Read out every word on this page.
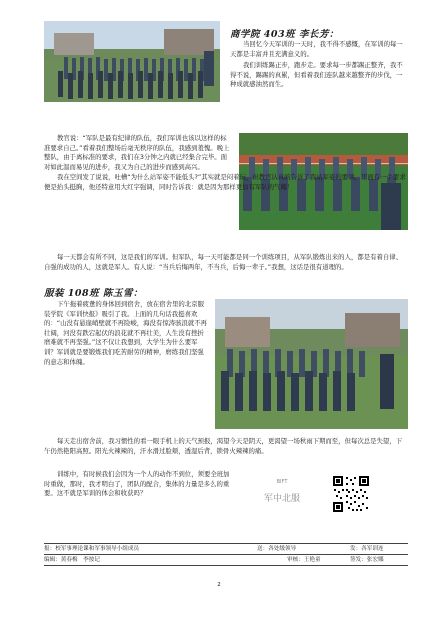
商学院 403班 李长芳：

当回忆今天军训的一天时，我不得不感慨，在军训的每一天都是丰富并且充满意义的。

我们训练踢正步，跑步走。要求每一步都踢正整齐，我不得不说，踢踢的真累，但看着我们连队越来越整齐的步伐，一种成就感油然而生。

教官说：“军队是最有纪律的队伍，我们军训也该以这样的标准要求自己。”看着我们整场后毫无秩序的队伍，我感到羞愧。晚上整队，由于离标准的要求，我们在3分钟之内就已经集合完毕。面对如此温而易见的进步，我又为自己的进步而感到高兴。

我在空间发了说说，吐槽“为什么站军姿不能低头?”其实就是闷着玩，但教官认真的告诉了我站军姿的要领，里面有一个要求便是抬头挺胸，他还特意用大红字强调，同时告诉我：就是因为那样更加有军队的气魄！

每一天都会有所不同，这是我们的军训。但军队，每一天可能都是同一个训练项目，从军队锻炼出来的人，都是有着自律、自强的成功的人，这就是军人。有人说：“当兵后悔两年，不当兵，后悔一辈子。”我想，这话是很有道理的。

服装 108班 陈玉雪：

下午拖着疲惫的身体回到宿舍，放在宿舍里的北京服装学院《军训快报》吸引了我。上面的几句话我挺喜欢的：“山没有悬崖峭壁就不再险峻，海没有惊涛骇浪就不再壮阔，河没有跌宕起伏的浪花就不再壮美，人生没有挫折磨难就不再坚强。”这不仅让我想到，大学生为什么要军训？军训就是要锻炼我们吃苦耐劳的精神，磨练我们坚强的意志和体魄。

每天走出宿舍前，我习惯性的看一眼手机上的天气预报，渴望今天是阴天，更渴望一场秋雨下期而至，但每次总是失望，下午仍然艳阳高照。阳光火辣辣的，汗水滑过脸颊，透湿后背，锁骨火辣辣的痛。

训练中，有时候我们会因为一个人的动作不到位，须要全班加时重做，那时，我才明白了，团队的配合，集体的力量是多么的重要。这不就是军训的体会和收获吗？

BIFT
军中北服
报：校军事理论课和军事领导小组成员	送：各处级领导	发：各军训连
编辑：黄春梅　李按记	审核：王艳童	签发：张宏娜
2
